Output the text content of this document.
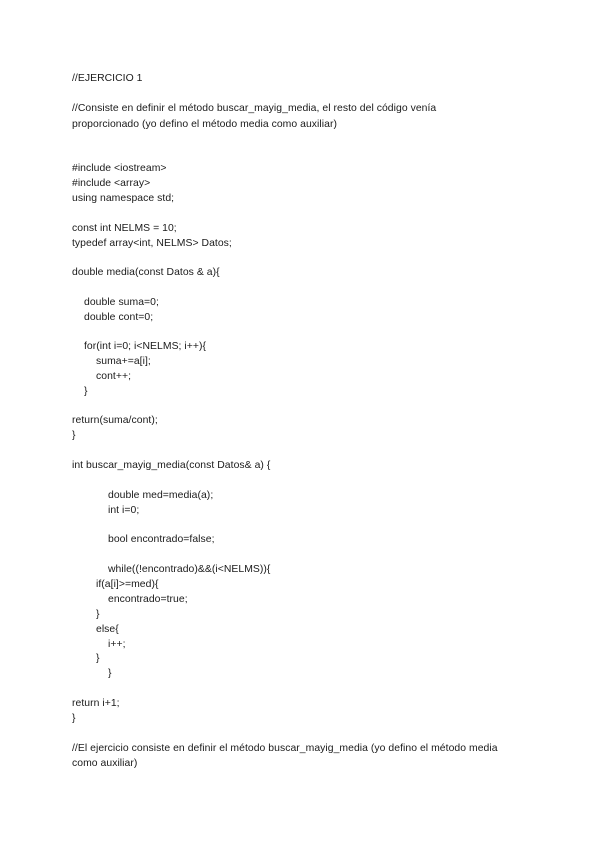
//EJERCICIO 1
//Consiste en definir el método buscar_mayig_media, el resto del código venía
proporcionado (yo defino el método media como auxiliar)
#include <iostream>
#include <array>
using namespace std;
const int NELMS = 10;
typedef array<int, NELMS> Datos;
double media(const Datos & a){
double suma=0;
double cont=0;
for(int i=0; i<NELMS; i++){
suma+=a[i];
cont++;
}
return(suma/cont);
}
int buscar_mayig_media(const Datos& a) {
double med=media(a);
int i=0;
bool encontrado=false;
while((!encontrado)&&(i<NELMS)){
if(a[i]>=med){
encontrado=true;
}
else{
i++;
}
}
return i+1;
}
//El ejercicio consiste en definir el método buscar_mayig_media (yo defino el método media
como auxiliar)
